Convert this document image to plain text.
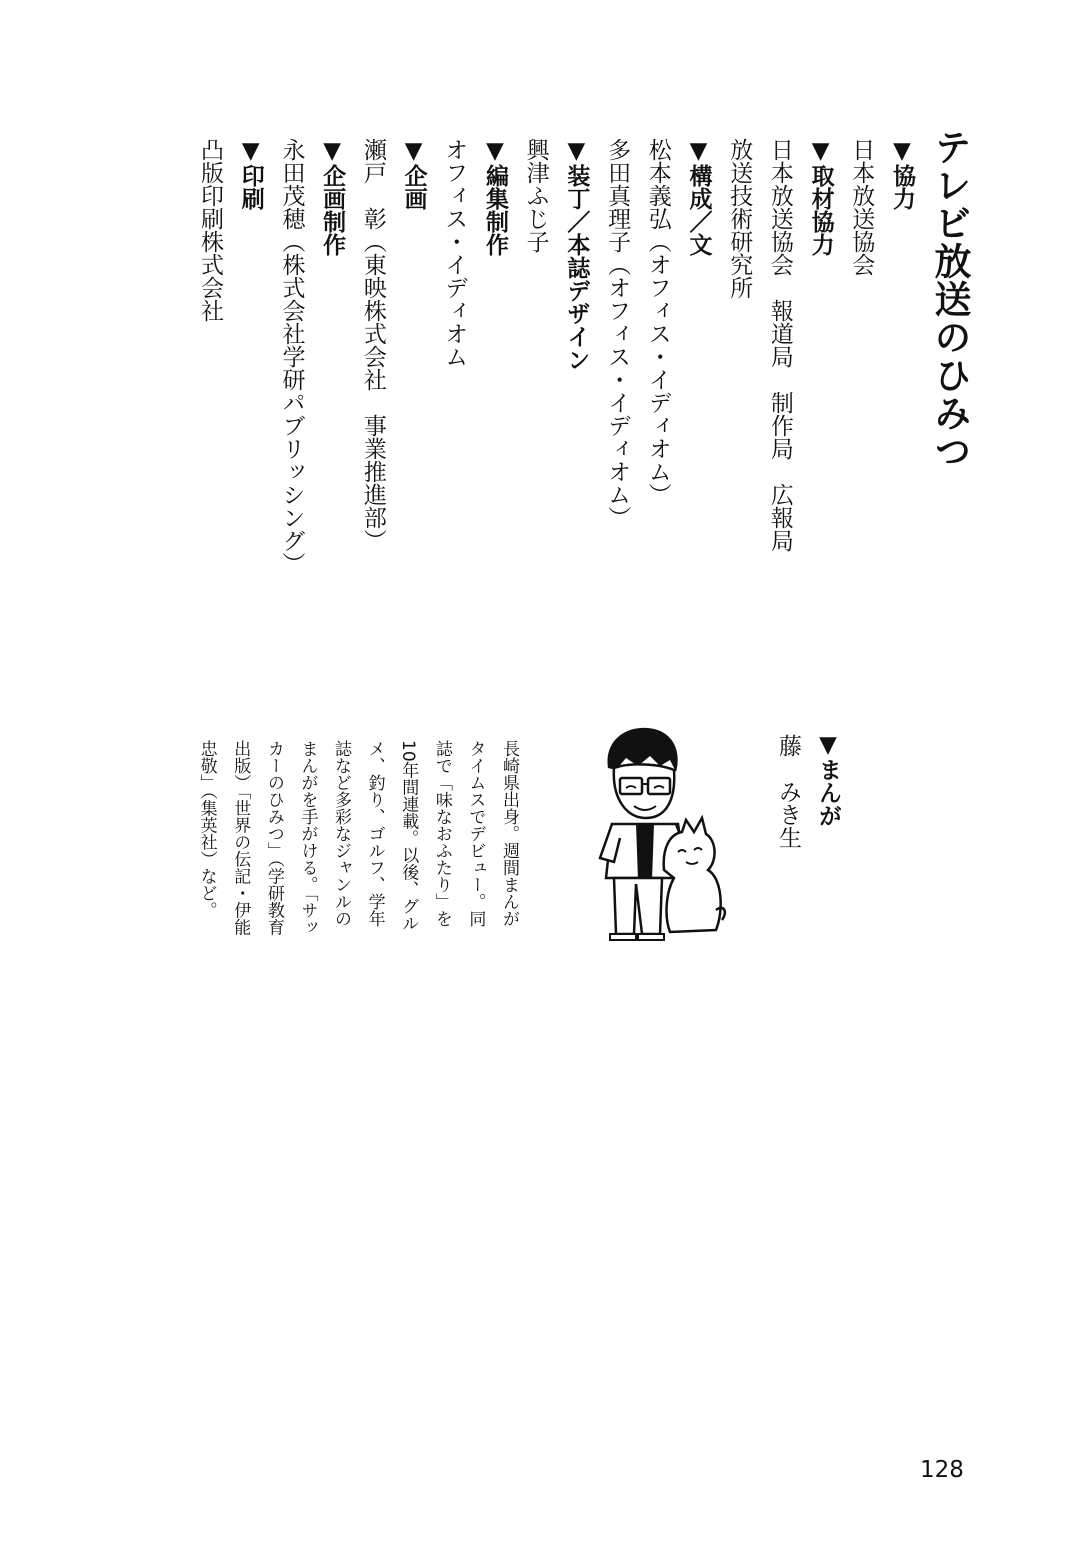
テレビ放送のひみつ
▼協力
日本放送協会
▼取材協力
日本放送協会　報道局　制作局　広報局
放送技術研究所
▼構成／文
松本義弘（オフィス・イディオム）
多田真理子（オフィス・イディオム）
▼装丁／本誌デザイン
興津ふじ子
▼編集制作
オフィス・イディオム
▼企画
瀬戸　彰（東映株式会社　事業推進部）
▼企画制作
永田茂穂（株式会社学研パブリッシング）
▼印刷
凸版印刷株式会社
▼まんが
藤　みき生
長崎県出身。週間まんが
タイムスでデビュー。同
誌で「味なおふたり」を
10年間連載。以後、グル
メ、釣り、ゴルフ、学年
誌など多彩なジャンルの
まんがを手がける。「サッ
カーのひみつ」（学研教育
出版）「世界の伝記・伊能
忠敬」（集英社）など。
128
